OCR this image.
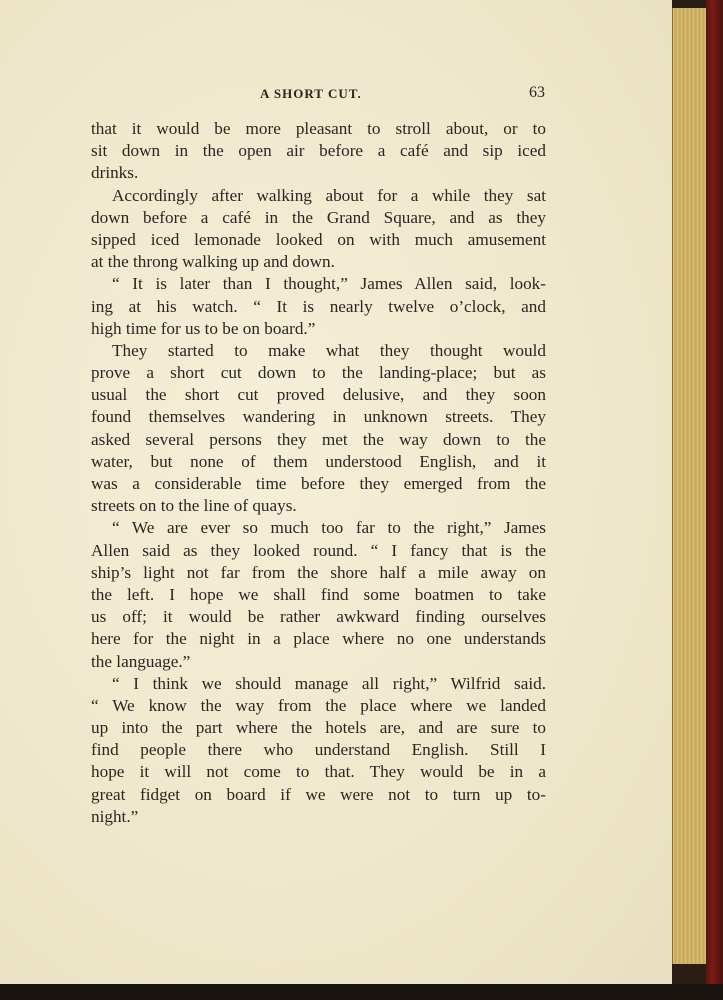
A SHORT CUT.	63
that it would be more pleasant to stroll about, or to
sit down in the open air before a café and sip iced
drinks.
Accordingly after walking about for a while they sat
down before a café in the Grand Square, and as they
sipped iced lemonade looked on with much amusement
at the throng walking up and down.
“ It is later than I thought,” James Allen said, look-
ing at his watch. “ It is nearly twelve o’clock, and
high time for us to be on board.”
They started to make what they thought would
prove a short cut down to the landing-place; but as
usual the short cut proved delusive, and they soon
found themselves wandering in unknown streets. They
asked several persons they met the way down to the
water, but none of them understood English, and it
was a considerable time before they emerged from the
streets on to the line of quays.
“ We are ever so much too far to the right,” James
Allen said as they looked round. “ I fancy that is the
ship’s light not far from the shore half a mile away on
the left. I hope we shall find some boatmen to take
us off; it would be rather awkward finding ourselves
here for the night in a place where no one understands
the language.”
“ I think we should manage all right,” Wilfrid said.
“ We know the way from the place where we landed
up into the part where the hotels are, and are sure to
find people there who understand English. Still I
hope it will not come to that. They would be in a
great fidget on board if we were not to turn up to-
night.”
